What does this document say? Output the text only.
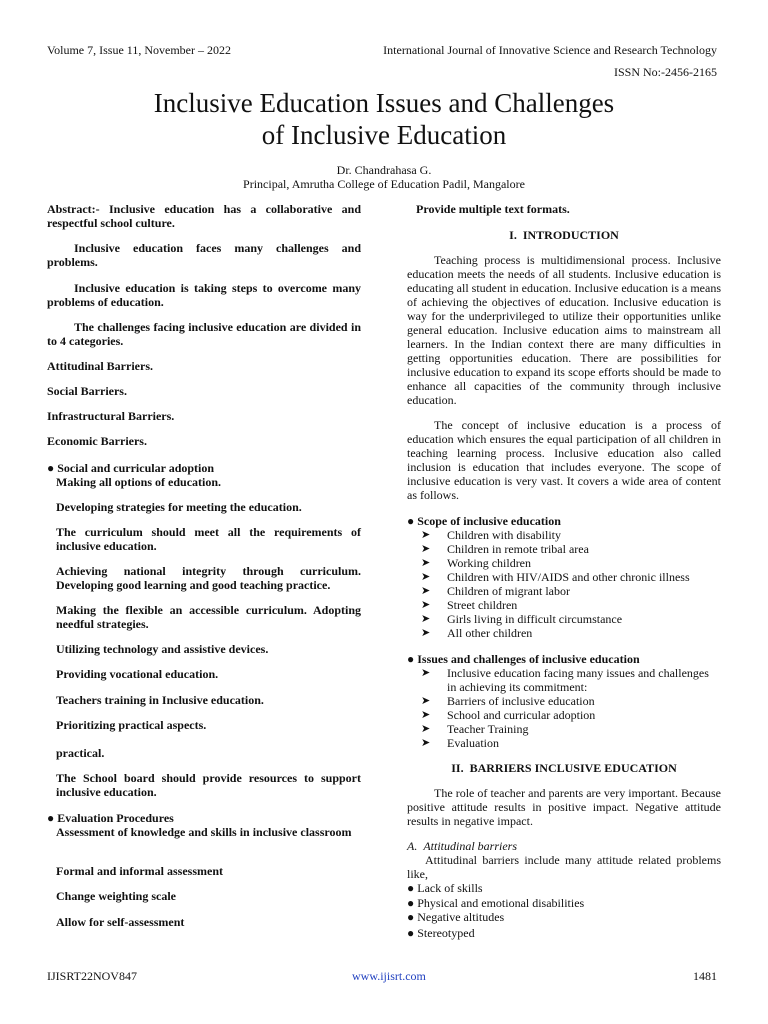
Volume 7, Issue 11, November – 2022	International Journal of Innovative Science and Research Technology
ISSN No:-2456-2165
Inclusive Education Issues and Challenges
of Inclusive Education
Dr. Chandrahasa G.
Principal, Amrutha College of Education Padil, Mangalore
Abstract:- Inclusive education has a collaborative and respectful school culture.
Inclusive education faces many challenges and problems.
Inclusive education is taking steps to overcome many problems of education.
The challenges facing inclusive education are divided in to 4 categories.
Attitudinal Barriers.
Social Barriers.
Infrastructural Barriers.
Economic Barriers.
● Social and curricular adoption
Making all options of education.
Developing strategies for meeting the education.
The curriculum should meet all the requirements of inclusive education.
Achieving national integrity through curriculum. Developing good learning and good teaching practice.
Making the flexible an accessible curriculum. Adopting needful strategies.
Utilizing technology and assistive devices.
Providing vocational education.
Teachers training in Inclusive education.
Prioritizing practical aspects.
practical.
The School board should provide resources to support inclusive education.
● Evaluation Procedures
Assessment of knowledge and skills in inclusive classroom
Formal and informal assessment
Change weighting scale
Allow for self-assessment
Provide multiple text formats.
I.  INTRODUCTION
Teaching process is multidimensional process. Inclusive education meets the needs of all students. Inclusive education is educating all student in education. Inclusive education is a means of achieving the objectives of education. Inclusive education is way for the underprivileged to utilize their opportunities unlike general education. Inclusive education aims to mainstream all learners. In the Indian context there are many difficulties in getting opportunities education. There are possibilities for inclusive education to expand its scope efforts should be made to enhance all capacities of the community through inclusive education.
The concept of inclusive education is a process of education which ensures the equal participation of all children in teaching learning process. Inclusive education also called inclusion is education that includes everyone. The scope of inclusive education is very vast. It covers a wide area of content as follows.
● Scope of inclusive education
➤ Children with disability
➤ Children in remote tribal area
➤ Working children
➤ Children with HIV/AIDS and other chronic illness
➤ Children of migrant labor
➤ Street children
➤ Girls living in difficult circumstance
➤ All other children
● Issues and challenges of inclusive education
➤ Inclusive education facing many issues and challenges in achieving its commitment:
➤ Barriers of inclusive education
➤ School and curricular adoption
➤ Teacher Training
➤ Evaluation
II.  BARRIERS INCLUSIVE EDUCATION
The role of teacher and parents are very important. Because positive attitude results in positive impact. Negative attitude results in negative impact.
A.  Attitudinal barriers
Attitudinal barriers include many attitude related problems like,
● Lack of skills
● Physical and emotional disabilities
● Negative altitudes
● Stereotyped
IJISRT22NOV847	www.ijisrt.com	1481
